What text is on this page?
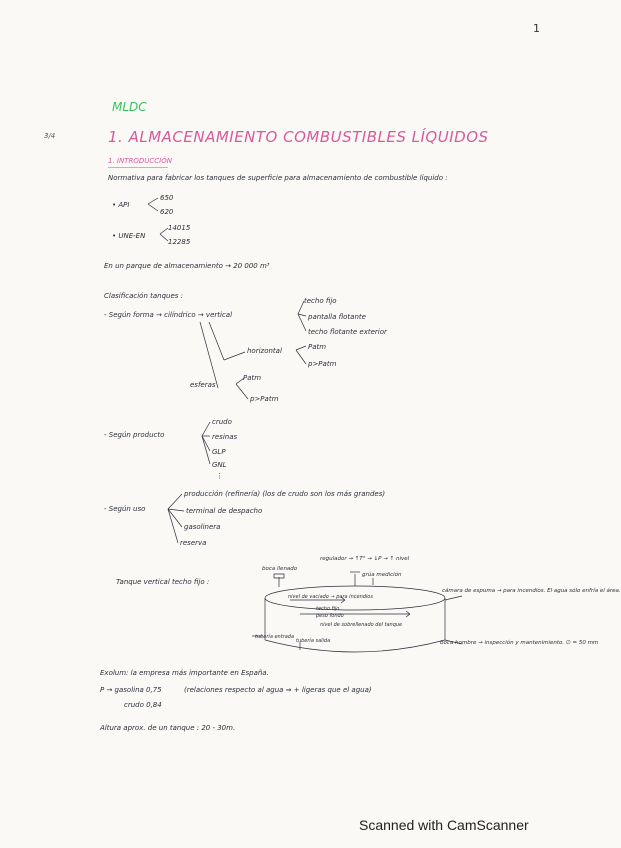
1
3/4
MLDC
1. ALMACENAMIENTO COMBUSTIBLES LÍQUIDOS
1. INTRODUCCIÓN
Normativa para fabricar los tanques de superficie para almacenamiento de combustible líquido :
• API
650
620
• UNE-EN
14015
12285
En un parque de almacenamiento → 20 000 m³
Clasificación tanques :
- Según forma → cilíndrico → vertical
techo fijo
pantalla flotante
techo flotante exterior
horizontal	Patm
p>Patm
esferas
Patm
p>Patm
- Según producto
crudo
resinas
GLP
GNL
⋮
- Según uso
producción (refinería) (los de crudo son los más grandes)
terminal de despacho
gasolinera
reserva
Tanque vertical techo fijo :
boca llenado
regulador → ↑T° → ↓P → ↑ nivel
grúa medición
cámara de espuma → para incendios. El agua sólo enfría el área.
nivel de vaciado → para incendios
techo fijo
peso fondo
nivel de sobrellenado del tanque
tubería entrada
tubería salida	boca hombre → inspección y mantenimiento. ∅ = 50 mm
Exolum: la empresa más importante en España.
P → gasolina 0,75	(relaciones respecto al agua ⇒ + ligeras que el agua)
crudo 0,84
Altura aprox. de un tanque : 20 - 30m.
Scanned with CamScanner
